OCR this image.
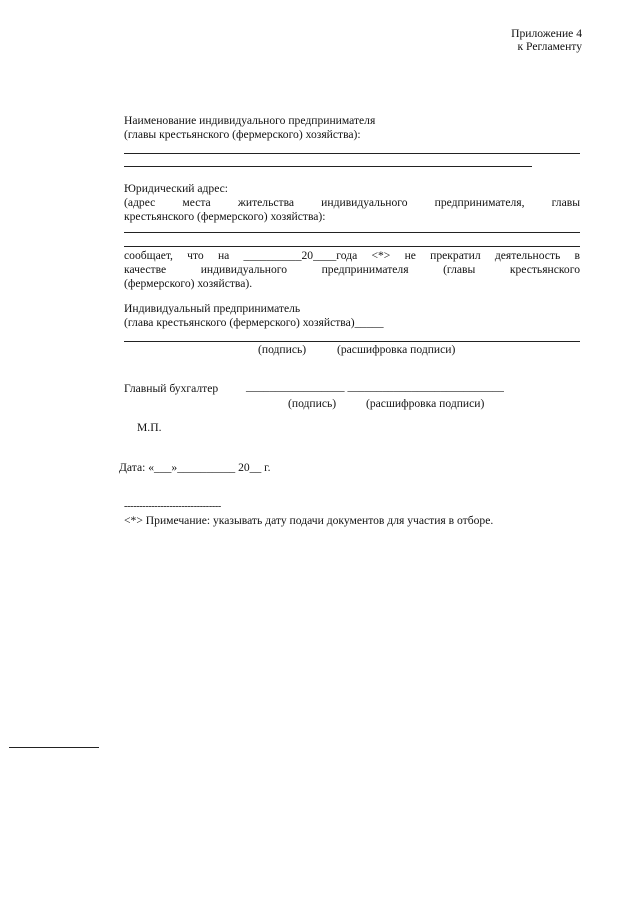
Приложение 4
к Регламенту
Наименование индивидуального предпринимателя
(главы крестьянского (фермерского) хозяйства):
Юридический адрес:
(адрес места жительства индивидуального предпринимателя, главы
крестьянского (фермерского) хозяйства):
сообщает, что на __________20____года <*> не прекратил деятельность в
качестве индивидуального предпринимателя (главы крестьянского
(фермерского) хозяйства).
Индивидуальный предприниматель
(глава крестьянского (фермерского) хозяйства)_____
(подпись)	(расшифровка подписи)
Главный бухгалтер _________________ ___________________________
(подпись)	(расшифровка подписи)
М.П.
Дата: «___»__________ 20__ г.
--------------------------------
<*> Примечание: указывать дату подачи документов для участия в отборе.
